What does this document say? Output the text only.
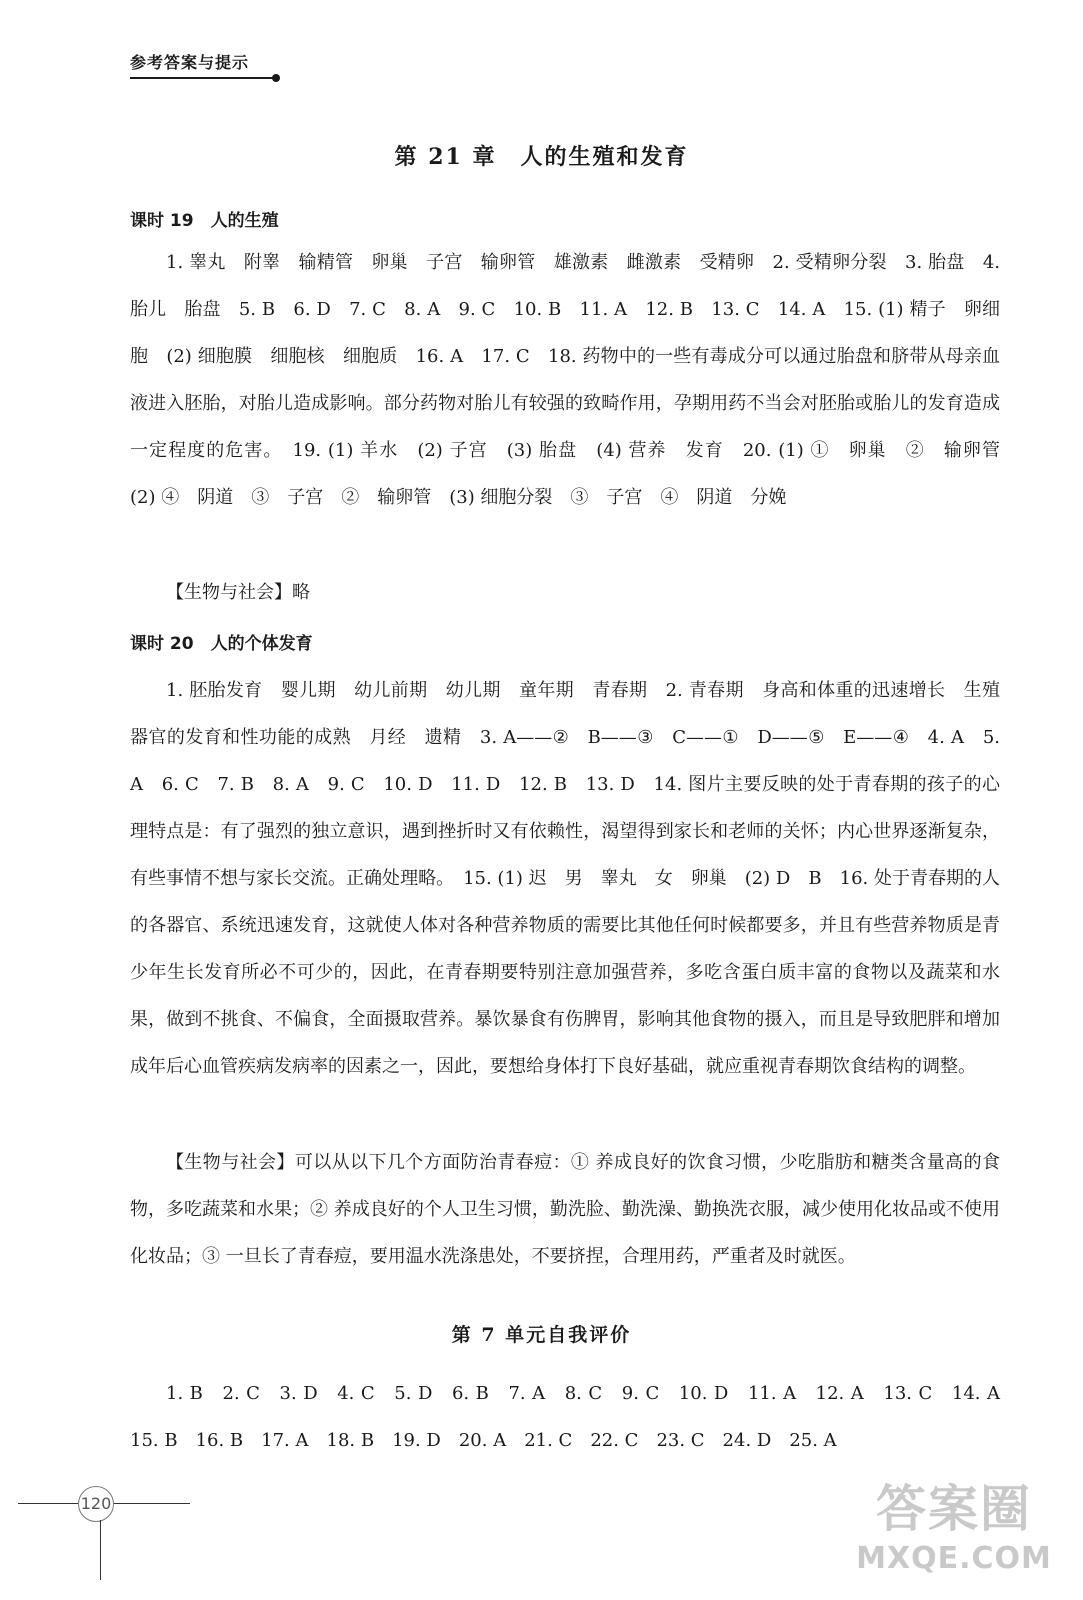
参考答案与提示
第 21 章　人的生殖和发育
课时 19　人的生殖

1. 睾丸　附睾　输精管　卵巢　子宫　输卵管　雄激素　雌激素　受精卵　2. 受精卵分裂　3. 胎盘　4. 胎儿　胎盘　5. B　6. D　7. C　8. A　9. C　10. B　11. A　12. B　13. C　14. A　15. (1) 精子　卵细胞　(2) 细胞膜　细胞核　细胞质　16. A　17. C　18. 药物中的一些有毒成分可以通过胎盘和脐带从母亲血液进入胚胎，对胎儿造成影响。部分药物对胎儿有较强的致畸作用，孕期用药不当会对胚胎或胎儿的发育造成一定程度的危害。　19. (1) 羊水　(2) 子宫　(3) 胎盘　(4) 营养　发育　20. (1) ①　卵巢　②　输卵管　(2) ④　阴道　③　子宫　②　输卵管　(3) 细胞分裂　③　子宫　④　阴道　分娩

【生物与社会】略

课时 20　人的个体发育

1. 胚胎发育　婴儿期　幼儿前期　幼儿期　童年期　青春期　2. 青春期　身高和体重的迅速增长　生殖器官的发育和性功能的成熟　月经　遗精　3. A——②　B——③　C——①　D——⑤　E——④　4. A　5. A　6. C　7. B　8. A　9. C　10. D　11. D　12. B　13. D　14. 图片主要反映的处于青春期的孩子的心理特点是：有了强烈的独立意识，遇到挫折时又有依赖性，渴望得到家长和老师的关怀；内心世界逐渐复杂，有些事情不想与家长交流。正确处理略。　15. (1) 迟　男　睾丸　女　卵巢　(2) D　B　16. 处于青春期的人的各器官、系统迅速发育，这就使人体对各种营养物质的需要比其他任何时候都要多，并且有些营养物质是青少年生长发育所必不可少的，因此，在青春期要特别注意加强营养，多吃含蛋白质丰富的食物以及蔬菜和水果，做到不挑食、不偏食，全面摄取营养。暴饮暴食有伤脾胃，影响其他食物的摄入，而且是导致肥胖和增加成年后心血管疾病发病率的因素之一，因此，要想给身体打下良好基础，就应重视青春期饮食结构的调整。

【生物与社会】可以从以下几个方面防治青春痘：① 养成良好的饮食习惯，少吃脂肪和糖类含量高的食物，多吃蔬菜和水果；② 养成良好的个人卫生习惯，勤洗脸、勤洗澡、勤换洗衣服，减少使用化妆品或不使用化妆品；③ 一旦长了青春痘，要用温水洗涤患处，不要挤捏，合理用药，严重者及时就医。

第 7 单元自我评价

1. B　2. C　3. D　4. C　5. D　6. B　7. A　8. C　9. C　10. D　11. A　12. A　13. C　14. A　15. B　16. B　17. A　18. B　19. D　20. A　21. C　22. C　23. C　24. D　25. A

120	答案圈
MXQE.COM
